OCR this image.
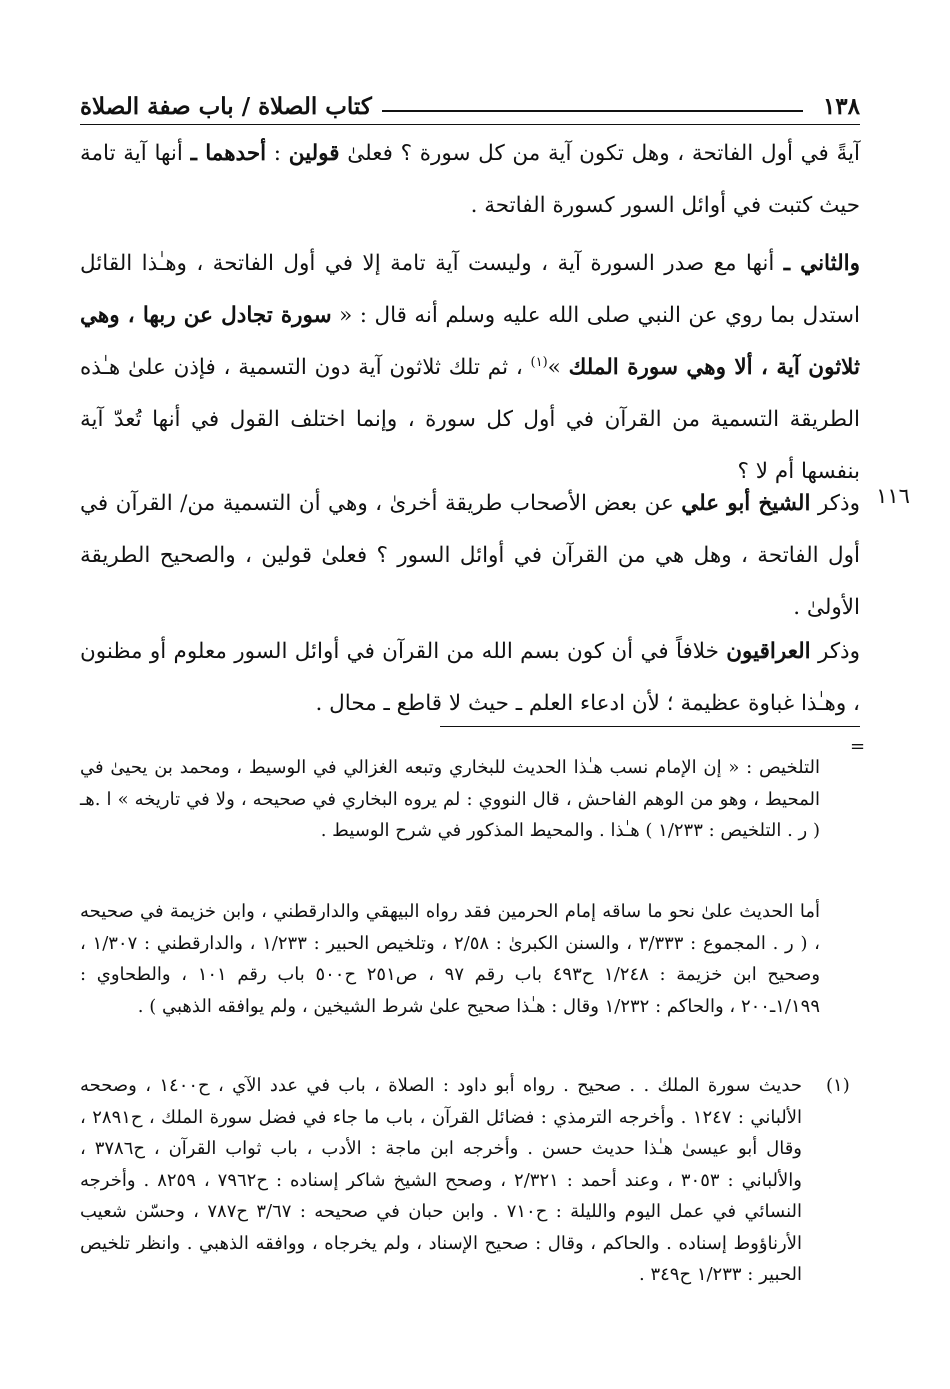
١٣٨
كتاب الصلاة / باب صفة الصلاة

آيةً في أول الفاتحة ، وهل تكون آية من كل سورة ؟ فعلىٰ قولين : أحدهما ـ أنها آية تامة حيث كتبت في أوائل السور كسورة الفاتحة .

والثاني ـ أنها مع صدر السورة آية ، وليست آية تامة إلا في أول الفاتحة ، وهـٰذا القائل استدل بما روي عن النبي صلى الله عليه وسلم أنه قال : « سورة تجادل عن ربها ، وهي ثلاثون آية ، ألا وهي سورة الملك »$^{(١)}$ ، ثم تلك ثلاثون آية دون التسمية ، فإذن علىٰ هـٰذه الطريقة التسمية من القرآن في أول كل سورة ، وإنما اختلف القول في أنها تُعدّ آية بنفسها أم لا ؟

١١٦

وذكر الشيخ أبو علي عن بعض الأصحاب طريقة أخرىٰ ، وهي أن التسمية من/ القرآن في أول الفاتحة ، وهل هي من القرآن في أوائل السور ؟ فعلىٰ قولين ، والصحيح الطريقة الأولىٰ .

وذكر العراقيون خلافاً في أن كون بسم الله من القرآن في أوائل السور معلوم أو مظنون ، وهـٰذا غباوة عظيمة ؛ لأن ادعاء العلم ـ حيث لا قاطع ـ محال .

=

التلخيص : « إن الإمام نسب هـٰذا الحديث للبخاري وتبعه الغزالي في الوسيط ، ومحمد بن يحيىٰ في المحيط ، وهو من الوهم الفاحش ، قال النووي : لم يروه البخاري في صحيحه ، ولا في تاريخه » ا .هـ ( ر . التلخيص : ١/٢٣٣ ) هـٰذا . والمحيط المذكور في شرح الوسيط .

أما الحديث علىٰ نحو ما ساقه إمام الحرمين فقد رواه البيهقي والدارقطني ، وابن خزيمة في صحيحه ، ( ر . المجموع : ٣/٣٣٣ ، والسنن الكبرىٰ : ٢/٥٨ ، وتلخيص الحبير : ١/٢٣٣ ، والدارقطني : ١/٣٠٧ ، وصحيح ابن خزيمة : ١/٢٤٨ ح٤٩٣ باب رقم ٩٧ ، ص٢٥١ ح٥٠٠ باب رقم ١٠١ ، والطحاوي : ١/١٩٩ـ٢٠٠ ، والحاكم : ١/٢٣٢ وقال : هـٰذا صحيح علىٰ شرط الشيخين ، ولم يوافقه الذهبي ) .

(١)

حديث سورة الملك . . صحيح . رواه أبو داود : الصلاة ، باب في عدد الآي ، ح١٤٠٠ ، وصححه الألباني : ١٢٤٧ . وأخرجه الترمذي : فضائل القرآن ، باب ما جاء في فضل سورة الملك ، ح٢٨٩١ ، وقال أبو عيسىٰ هـٰذا حديث حسن . وأخرجه ابن ماجة : الأدب ، باب ثواب القرآن ، ح٣٧٨٦ ، والألباني : ٣٠٥٣ ، وعند أحمد : ٢/٣٢١ ، وصحح الشيخ شاكر إسناده : ح٧٩٦٢ ، ٨٢٥٩ . وأخرجه النسائي في عمل اليوم والليلة : ح٧١٠ . وابن حبان في صحيحه : ٣/٦٧ ح٧٨٧ ، وحسّن شعيب الأرناؤوط إسناده . والحاكم ، وقال : صحيح الإسناد ، ولم يخرجاه ، ووافقه الذهبي . وانظر تلخيص الحبير : ١/٢٣٣ ح٣٤٩ .
